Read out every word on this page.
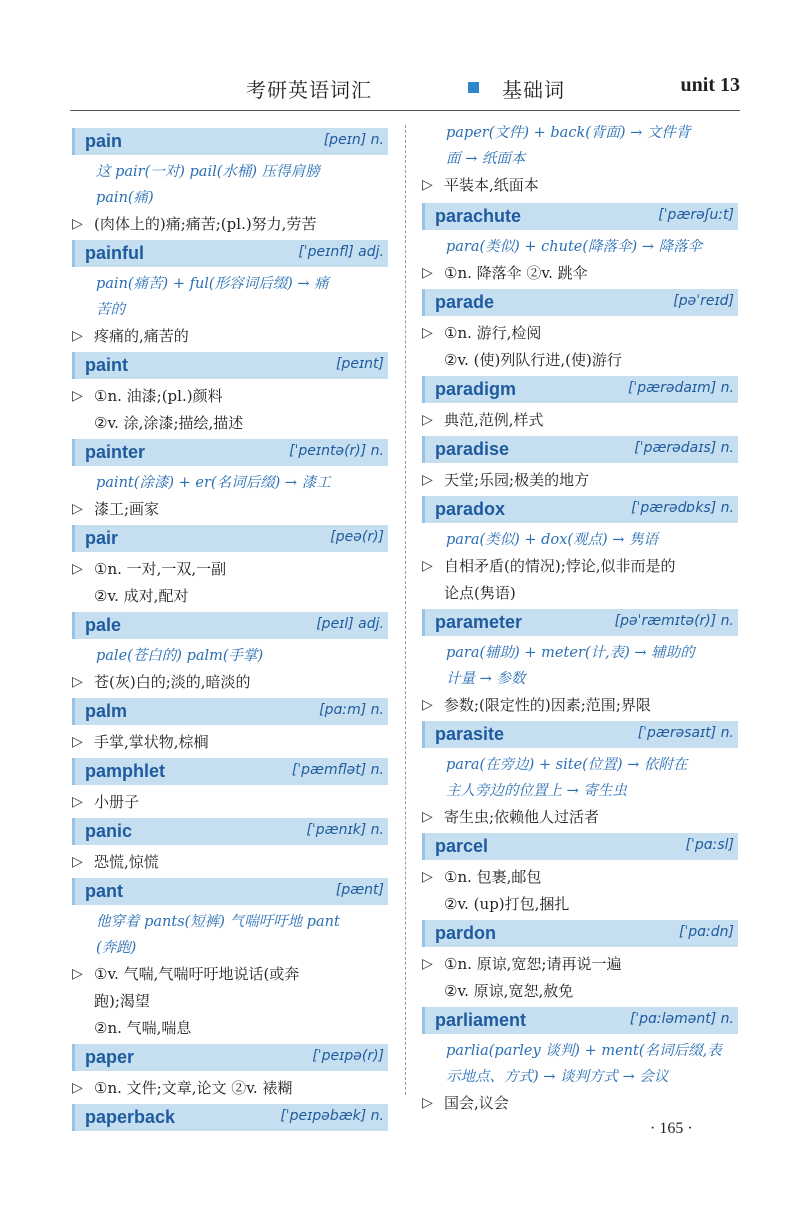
考研英语词汇	基础词	unit 13
pain	[peɪn] n.
这 pair(一对) pail(水桶) 压得肩膀
pain(痛)
▷ (肉体上的)痛;痛苦;(pl.)努力,劳苦
painful	[ˈpeɪnfl] adj.
pain(痛苦) + ful(形容词后缀) → 痛
苦的
▷ 疼痛的,痛苦的
paint	[peɪnt]
▷ ①n. 油漆;(pl.)颜料
②v. 涂,涂漆;描绘,描述
painter	[ˈpeɪntə(r)] n.
paint(涂漆) + er(名词后缀) → 漆工
▷ 漆工;画家
pair	[peə(r)]
▷ ①n. 一对,一双,一副
②v. 成对,配对
pale	[peɪl] adj.
pale(苍白的) palm(手掌)
▷ 苍(灰)白的;淡的,暗淡的
palm	[pɑːm] n.
▷ 手掌,掌状物,棕榈
pamphlet	[ˈpæmflət] n.
▷ 小册子
panic	[ˈpænɪk] n.
▷ 恐慌,惊慌
pant	[pænt]
他穿着 pants(短裤) 气喘吁吁地 pant
(奔跑)
▷ ①v. 气喘,气喘吁吁地说话(或奔
跑);渴望
②n. 气喘,喘息
paper	[ˈpeɪpə(r)]
▷ ①n. 文件;文章,论文 ②v. 裱糊
paperback	[ˈpeɪpəbæk] n.
paper(文件) + back(背面) → 文件背
面 → 纸面本
▷ 平装本,纸面本
parachute	[ˈpærəʃuːt]
para(类似) + chute(降落伞) → 降落伞
▷ ①n. 降落伞 ②v. 跳伞
parade	[pəˈreɪd]
▷ ①n. 游行,检阅
②v. (使)列队行进,(使)游行
paradigm	[ˈpærədaɪm] n.
▷ 典范,范例,样式
paradise	[ˈpærədaɪs] n.
▷ 天堂;乐园;极美的地方
paradox	[ˈpærədɒks] n.
para(类似) + dox(观点) → 隽语
▷ 自相矛盾(的情况);悖论,似非而是的
论点(隽语)
parameter	[pəˈræmɪtə(r)] n.
para(辅助) + meter(计,表) → 辅助的
计量 → 参数
▷ 参数;(限定性的)因素;范围;界限
parasite	[ˈpærəsaɪt] n.
para(在旁边) + site(位置) → 依附在
主人旁边的位置上 → 寄生虫
▷ 寄生虫;依赖他人过活者
parcel	[ˈpɑːsl]
▷ ①n. 包裹,邮包
②v. (up)打包,捆扎
pardon	[ˈpɑːdn]
▷ ①n. 原谅,宽恕;请再说一遍
②v. 原谅,宽恕,赦免
parliament	[ˈpɑːləmənt] n.
parlia(parley 谈判) + ment(名词后缀,表
示地点、方式) → 谈判方式 → 会议
▷ 国会,议会
· 165 ·
